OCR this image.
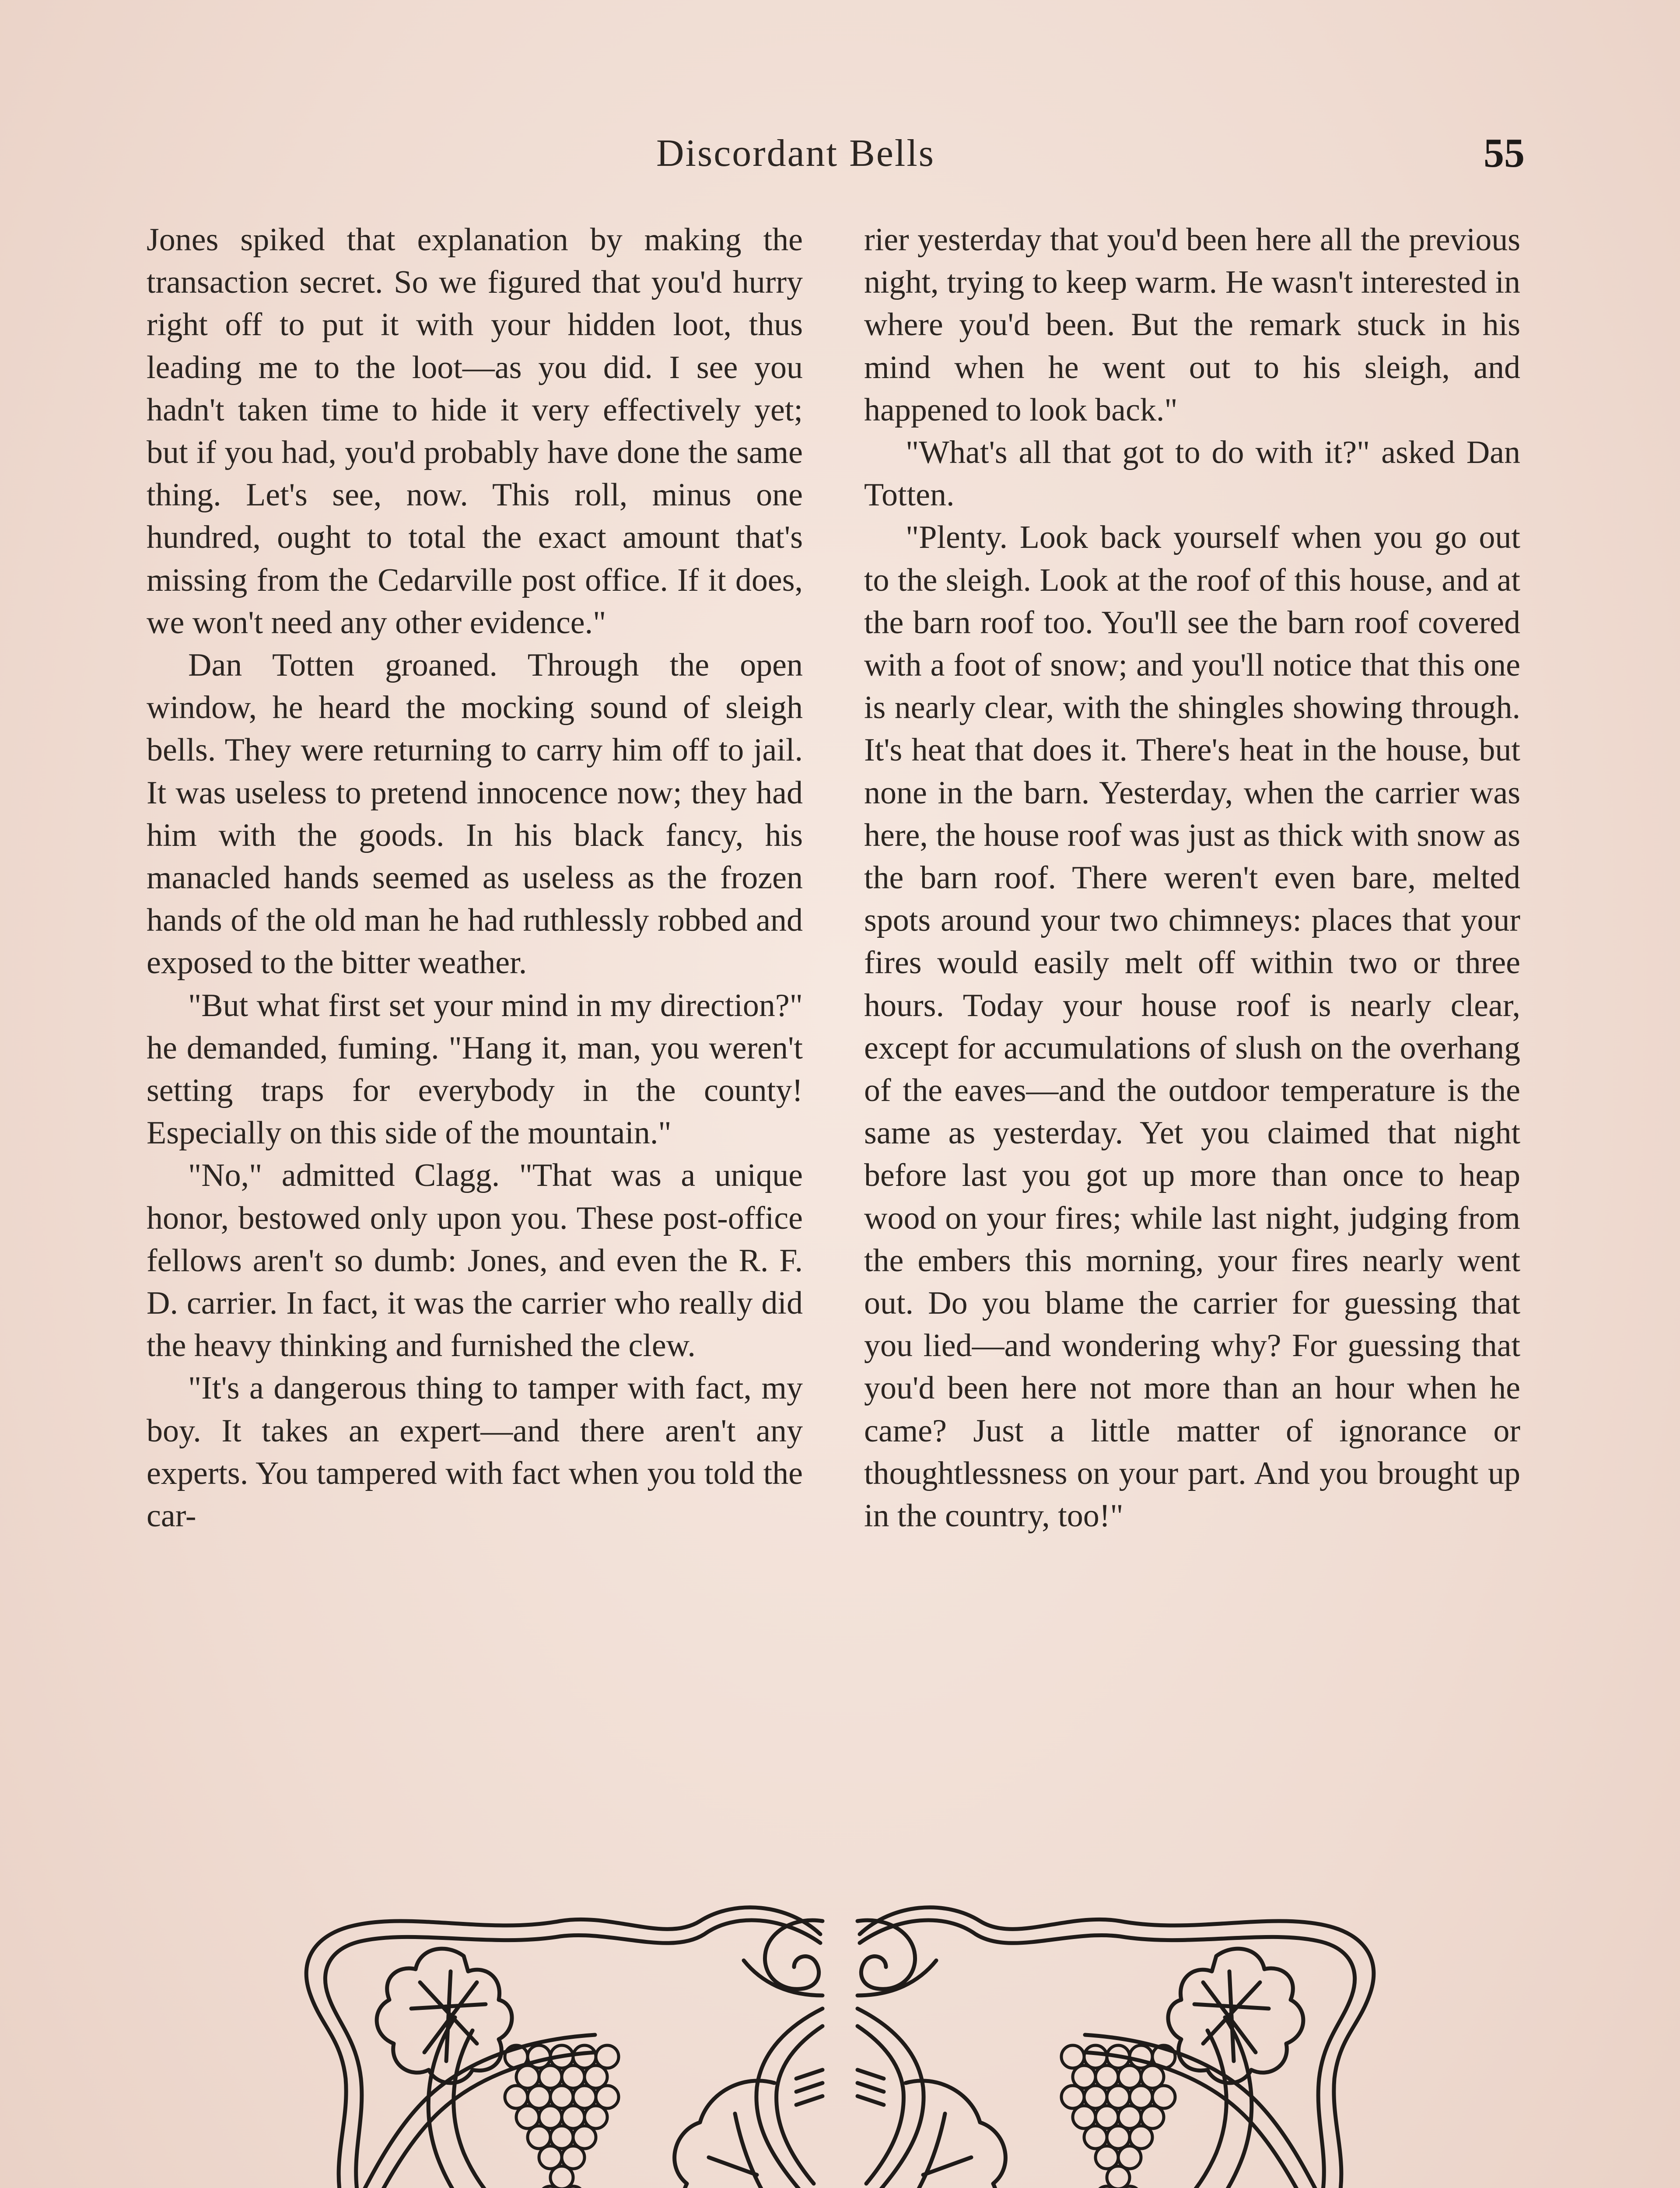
Discordant Bells	55

Jones spiked that explanation by making the transaction secret. So we figured that you'd hurry right off to put it with your hidden loot, thus leading me to the loot—as you did. I see you hadn't taken time to hide it very effectively yet; but if you had, you'd probably have done the same thing. Let's see, now. This roll, minus one hundred, ought to total the exact amount that's missing from the Cedarville post office. If it does, we won't need any other evidence."

Dan Totten groaned. Through the open window, he heard the mocking sound of sleigh bells. They were returning to carry him off to jail. It was useless to pretend innocence now; they had him with the goods. In his black fancy, his manacled hands seemed as useless as the frozen hands of the old man he had ruthlessly robbed and exposed to the bitter weather.

"But what first set your mind in my direction?" he demanded, fuming. "Hang it, man, you weren't setting traps for everybody in the county! Especially on this side of the mountain."

"No," admitted Clagg. "That was a unique honor, bestowed only upon you. These post-office fellows aren't so dumb: Jones, and even the R. F. D. carrier. In fact, it was the carrier who really did the heavy thinking and furnished the clew.

"It's a dangerous thing to tamper with fact, my boy. It takes an expert—and there aren't any experts. You tampered with fact when you told the car-

rier yesterday that you'd been here all the previous night, trying to keep warm. He wasn't interested in where you'd been. But the remark stuck in his mind when he went out to his sleigh, and happened to look back."

"What's all that got to do with it?" asked Dan Totten.

"Plenty. Look back yourself when you go out to the sleigh. Look at the roof of this house, and at the barn roof too. You'll see the barn roof covered with a foot of snow; and you'll notice that this one is nearly clear, with the shingles showing through. It's heat that does it. There's heat in the house, but none in the barn. Yesterday, when the carrier was here, the house roof was just as thick with snow as the barn roof. There weren't even bare, melted spots around your two chimneys: places that your fires would easily melt off within two or three hours. Today your house roof is nearly clear, except for accumulations of slush on the overhang of the eaves—and the outdoor temperature is the same as yesterday. Yet you claimed that night before last you got up more than once to heap wood on your fires; while last night, judging from the embers this morning, your fires nearly went out. Do you blame the carrier for guessing that you lied—and wondering why? For guessing that you'd been here not more than an hour when he came? Just a little matter of ignorance or thoughtlessness on your part. And you brought up in the country, too!"
